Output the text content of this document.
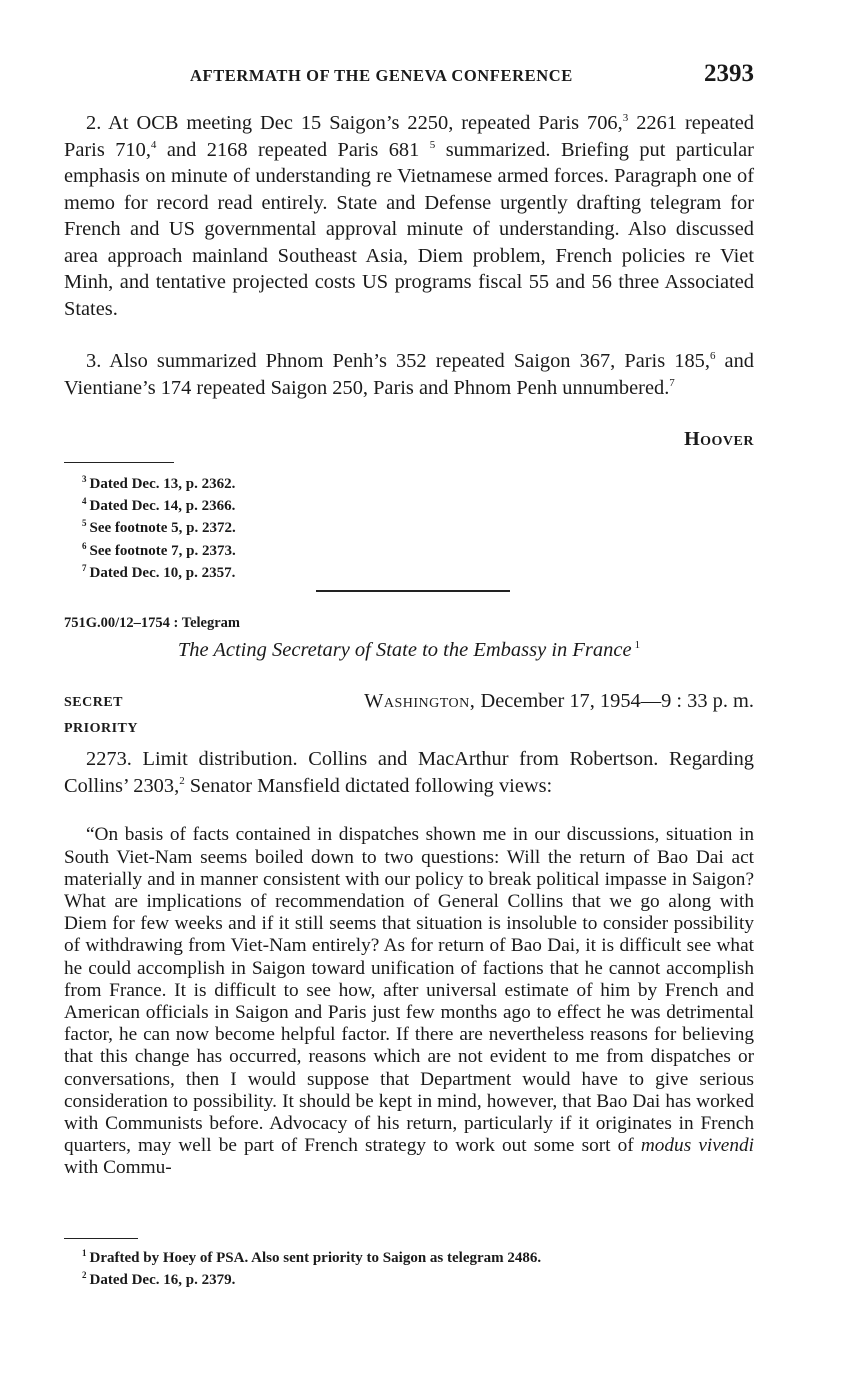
AFTERMATH OF THE GENEVA CONFERENCE	2393

2. At OCB meeting Dec 15 Saigon’s 2250, repeated Paris 706,$^3$ 2261 repeated Paris 710,$^4$ and 2168 repeated Paris 681 $^5$ summarized. Briefing put particular emphasis on minute of understanding re Vietnamese armed forces. Paragraph one of memo for record read entirely. State and Defense urgently drafting telegram for French and US governmental approval minute of understanding. Also discussed area approach mainland Southeast Asia, Diem problem, French policies re Viet Minh, and tentative projected costs US programs fiscal 55 and 56 three Associated States.

3. Also summarized Phnom Penh’s 352 repeated Saigon 367, Paris 185,$^6$ and Vientiane’s 174 repeated Saigon 250, Paris and Phnom Penh unnumbered.$^7$

Hoover
$^3$ Dated Dec. 13, p. 2362.
$^4$ Dated Dec. 14, p. 2366.
$^5$ See footnote 5, p. 2372.
$^6$ See footnote 7, p. 2373.
$^7$ Dated Dec. 10, p. 2357.
751G.00/12–1754 : Telegram
The Acting Secretary of State to the Embassy in France $^1$
SECRET
PRIORITY
Washington, December 17, 1954—9 : 33 p. m.

2273. Limit distribution. Collins and MacArthur from Robertson. Regarding Collins’ 2303,$^2$ Senator Mansfield dictated following views:

“On basis of facts contained in dispatches shown me in our discussions, situation in South Viet-Nam seems boiled down to two questions: Will the return of Bao Dai act materially and in manner consistent with our policy to break political impasse in Saigon? What are implications of recommendation of General Collins that we go along with Diem for few weeks and if it still seems that situation is insoluble to consider possibility of withdrawing from Viet-Nam entirely? As for return of Bao Dai, it is difficult see what he could accomplish in Saigon toward unification of factions that he cannot accomplish from France. It is difficult to see how, after universal estimate of him by French and American officials in Saigon and Paris just few months ago to effect he was detrimental factor, he can now become helpful factor. If there are nevertheless reasons for believing that this change has occurred, reasons which are not evident to me from dispatches or conversations, then I would suppose that Department would have to give serious consideration to possibility. It should be kept in mind, however, that Bao Dai has worked with Communists before. Advocacy of his return, particularly if it originates in French quarters, may well be part of French strategy to work out some sort of modus vivendi with Commu-

$^1$ Drafted by Hoey of PSA. Also sent priority to Saigon as telegram 2486.
$^2$ Dated Dec. 16, p. 2379.
